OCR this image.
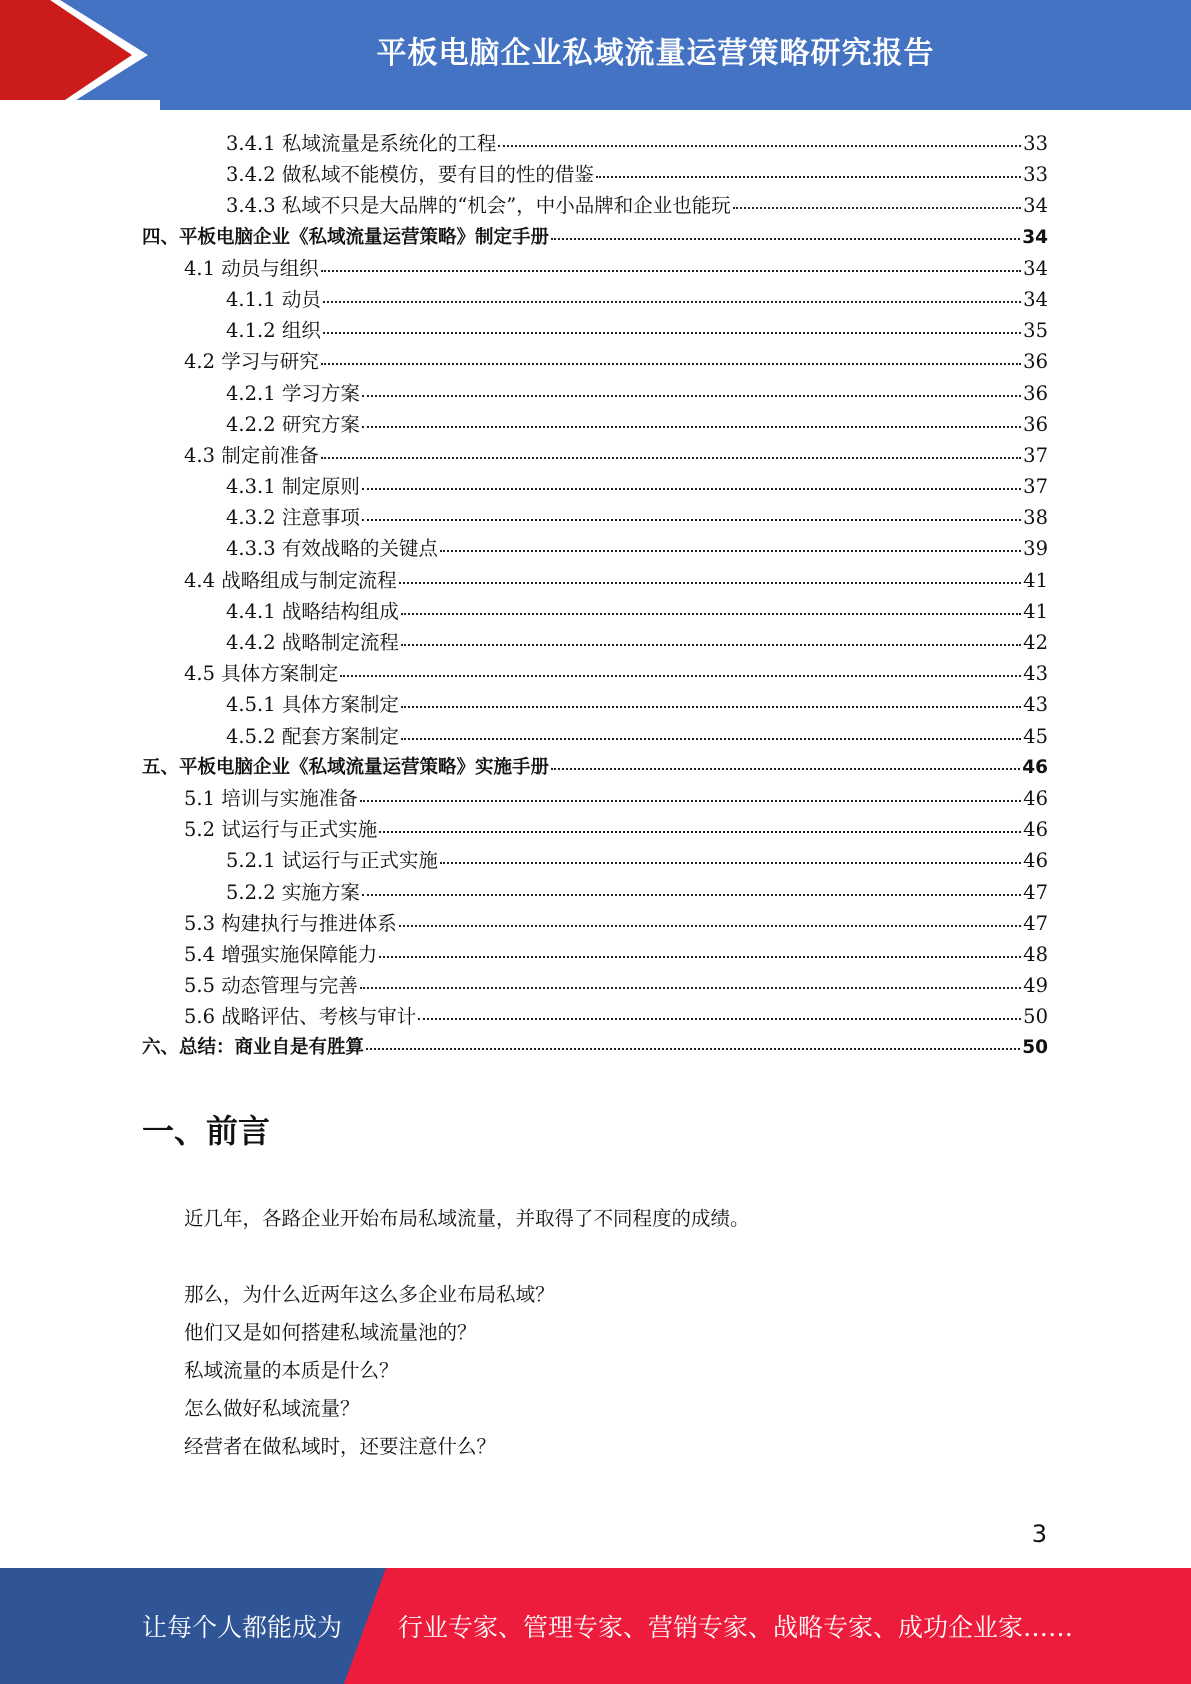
平板电脑企业私域流量运营策略研究报告
3.4.1 私域流量是系统化的工程	33
3.4.2 做私域不能模仿，要有目的性的借鉴	33
3.4.3 私域不只是大品牌的“机会”，中小品牌和企业也能玩	34
四、平板电脑企业《私域流量运营策略》制定手册	34
4.1 动员与组织	34
4.1.1 动员	34
4.1.2 组织	35
4.2 学习与研究	36
4.2.1 学习方案	36
4.2.2 研究方案	36
4.3 制定前准备	37
4.3.1 制定原则	37
4.3.2 注意事项	38
4.3.3 有效战略的关键点	39
4.4 战略组成与制定流程	41
4.4.1 战略结构组成	41
4.4.2 战略制定流程	42
4.5 具体方案制定	43
4.5.1 具体方案制定	43
4.5.2 配套方案制定	45
五、平板电脑企业《私域流量运营策略》实施手册	46
5.1 培训与实施准备	46
5.2 试运行与正式实施	46
5.2.1 试运行与正式实施	46
5.2.2 实施方案	47
5.3 构建执行与推进体系	47
5.4 增强实施保障能力	48
5.5 动态管理与完善	49
5.6 战略评估、考核与审计	50
六、总结：商业自是有胜算	50
一、前言
近几年，各路企业开始布局私域流量，并取得了不同程度的成绩。
那么，为什么近两年这么多企业布局私域？
他们又是如何搭建私域流量池的？
私域流量的本质是什么？
怎么做好私域流量？
经营者在做私域时，还要注意什么？
3
让每个人都能成为 行业专家、管理专家、营销专家、战略专家、成功企业家……
